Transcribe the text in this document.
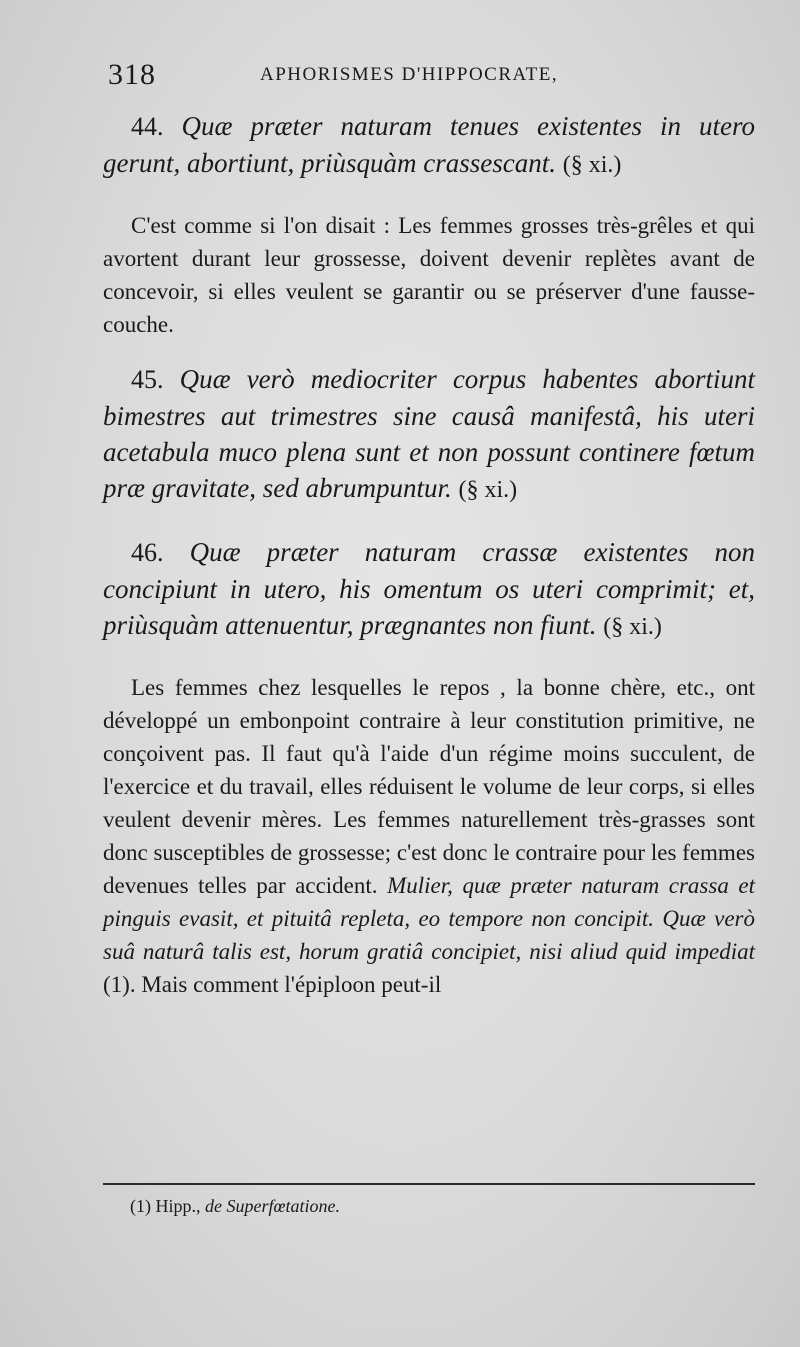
318	APHORISMES D'HIPPOCRATE,

44. Quæ præter naturam tenues existentes in utero gerunt, abortiunt, priùsquàm crassescant. (§ xi.)

C'est comme si l'on disait : Les femmes grosses très-grêles et qui avortent durant leur grossesse, doivent devenir replètes avant de concevoir, si elles veulent se garantir ou se préserver d'une fausse-couche.

45. Quæ verò mediocriter corpus habentes abortiunt bimestres aut trimestres sine causâ manifestâ, his uteri acetabula muco plena sunt et non possunt continere fœtum præ gravitate, sed abrumpuntur. (§ xi.)

46. Quæ præter naturam crassæ existentes non concipiunt in utero, his omentum os uteri comprimit; et, priùsquàm attenuentur, prægnantes non fiunt. (§ xi.)

Les femmes chez lesquelles le repos , la bonne chère, etc., ont développé un embonpoint contraire à leur constitution primitive, ne conçoivent pas. Il faut qu'à l'aide d'un régime moins succulent, de l'exercice et du travail, elles réduisent le volume de leur corps, si elles veulent devenir mères. Les femmes naturellement très-grasses sont donc susceptibles de grossesse; c'est donc le contraire pour les femmes devenues telles par accident. Mulier, quæ præter naturam crassa et pinguis evasit, et pituitâ repleta, eo tempore non concipit. Quæ verò suâ naturâ talis est, horum gratiâ concipiet, nisi aliud quid impediat (1). Mais comment l'épiploon peut-il

(1) Hipp., de Superfœtatione.
